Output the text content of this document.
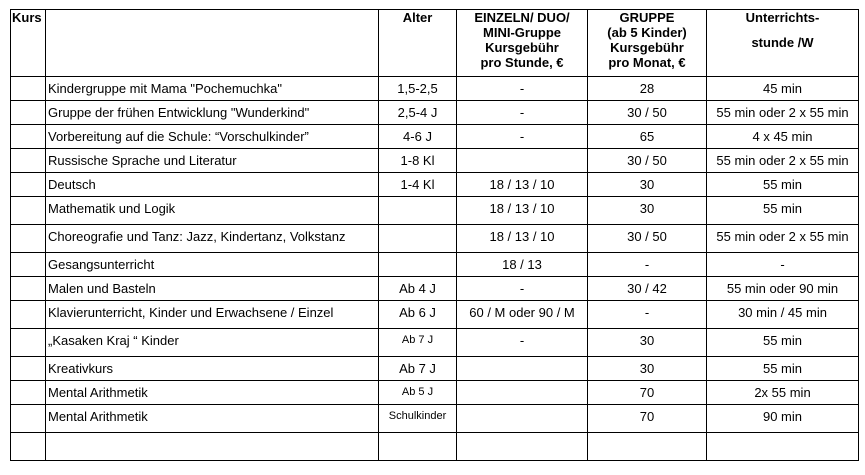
Kurs		Alter	EINZELN/ DUO/
MINI-Gruppe
Kursgebühr
pro Stunde, €	GRUPPE
(ab 5 Kinder)
Kursgebühr
pro Monat, €	Unterrichts-
stunde /W

	Kindergruppe mit Mama "Pochemuchka"	1,5-2,5	-	28	45 min
	Gruppe der frühen Entwicklung "Wunderkind"	2,5-4 J	-	30 / 50	55 min oder 2 x 55 min
	Vorbereitung auf die Schule: “Vorschulkinder”	4-6 J	-	65	4 x 45 min
	Russische Sprache und Literatur	1-8 Kl		30 / 50	55 min oder 2 x 55 min
	Deutsch	1-4 Kl	18 / 13 / 10	30	55 min
	Mathematik und Logik		18 / 13 / 10	30	55 min
	Choreografie und Tanz: Jazz, Kindertanz, Volkstanz		18 / 13 / 10	30 / 50	55 min oder 2 x 55 min
	Gesangsunterricht		18 / 13	-	-
	Malen und Basteln	Ab 4 J	-	30 / 42	55 min oder 90 min
	Klavierunterricht, Kinder und Erwachsene / Einzel	Ab 6 J	60 / M oder 90 / M	-	30 min / 45 min
	„Kasaken Kraj “ Kinder	Ab 7 J	-	30	55 min
	Kreativkurs	Ab 7 J		30	55 min
	Mental Arithmetik	Ab 5 J		70	2x 55 min
	Mental Arithmetik	Schulkinder		70	90 min
